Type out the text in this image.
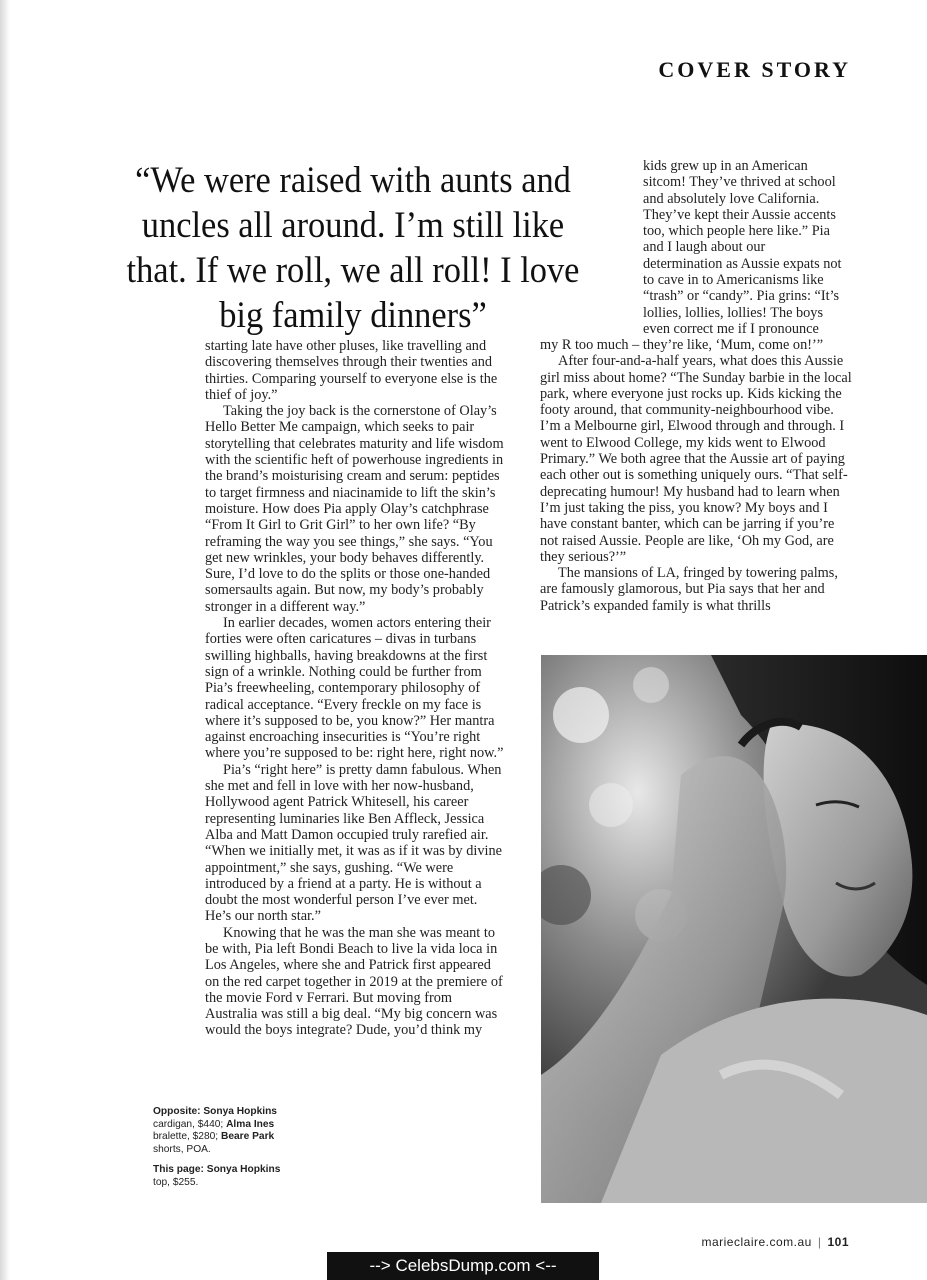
COVER STORY
“We were raised with aunts and uncles all around. I’m still like that. If we roll, we all roll! I love big family dinners”

starting late have other pluses, like travelling and discovering themselves through their twenties and thirties. Comparing yourself to everyone else is the thief of joy.”

Taking the joy back is the cornerstone of Olay’s Hello Better Me campaign, which seeks to pair storytelling that celebrates maturity and life wisdom with the scientific heft of powerhouse ingredients in the brand’s moisturising cream and serum: peptides to target firmness and niacinamide to lift the skin’s moisture. How does Pia apply Olay’s catchphrase “From It Girl to Grit Girl” to her own life? “By reframing the way you see things,” she says. “You get new wrinkles, your body behaves differently. Sure, I’d love to do the splits or those one-handed somersaults again. But now, my body’s probably stronger in a different way.”

In earlier decades, women actors entering their forties were often caricatures – divas in turbans swilling highballs, having breakdowns at the first sign of a wrinkle. Nothing could be further from Pia’s freewheeling, contemporary philosophy of radical acceptance. “Every freckle on my face is where it’s supposed to be, you know?” Her mantra against encroaching insecurities is “You’re right where you’re supposed to be: right here, right now.”

Pia’s “right here” is pretty damn fabulous. When she met and fell in love with her now-husband, Hollywood agent Patrick Whitesell, his career representing luminaries like Ben Affleck, Jessica Alba and Matt Damon occupied truly rarefied air. “When we initially met, it was as if it was by divine appointment,” she says, gushing. “We were introduced by a friend at a party. He is without a doubt the most wonderful person I’ve ever met. He’s our north star.”

Knowing that he was the man she was meant to be with, Pia left Bondi Beach to live la vida loca in Los Angeles, where she and Patrick first appeared on the red carpet together in 2019 at the premiere of the movie Ford v Ferrari. But moving from Australia was still a big deal. “My big concern was would the boys integrate? Dude, you’d think my

kids grew up in an American sitcom! They’ve thrived at school and absolutely love California. They’ve kept their Aussie accents too, which people here like.” Pia and I laugh about our determination as Aussie expats not to cave in to Americanisms like “trash” or “candy”. Pia grins: “It’s lollies, lollies, lollies! The boys even correct me if I pronounce

my R too much – they’re like, ‘Mum, come on!’”

After four-and-a-half years, what does this Aussie girl miss about home? “The Sunday barbie in the local park, where everyone just rocks up. Kids kicking the footy around, that community-neighbourhood vibe. I’m a Melbourne girl, Elwood through and through. I went to Elwood College, my kids went to Elwood Primary.” We both agree that the Aussie art of paying each other out is something uniquely ours. “That self-deprecating humour! My husband had to learn when I’m just taking the piss, you know? My boys and I have constant banter, which can be jarring if you’re not raised Aussie. People are like, ‘Oh my God, are they serious?’”

The mansions of LA, fringed by towering palms, are famously glamorous, but Pia says that her and Patrick’s expanded family is what thrills

Opposite: Sonya Hopkins cardigan, $440; Alma Ines bralette, $280; Beare Park shorts, POA.

This page: Sonya Hopkins top, $255.

marieclaire.com.au | 101
--> CelebsDump.com <--
